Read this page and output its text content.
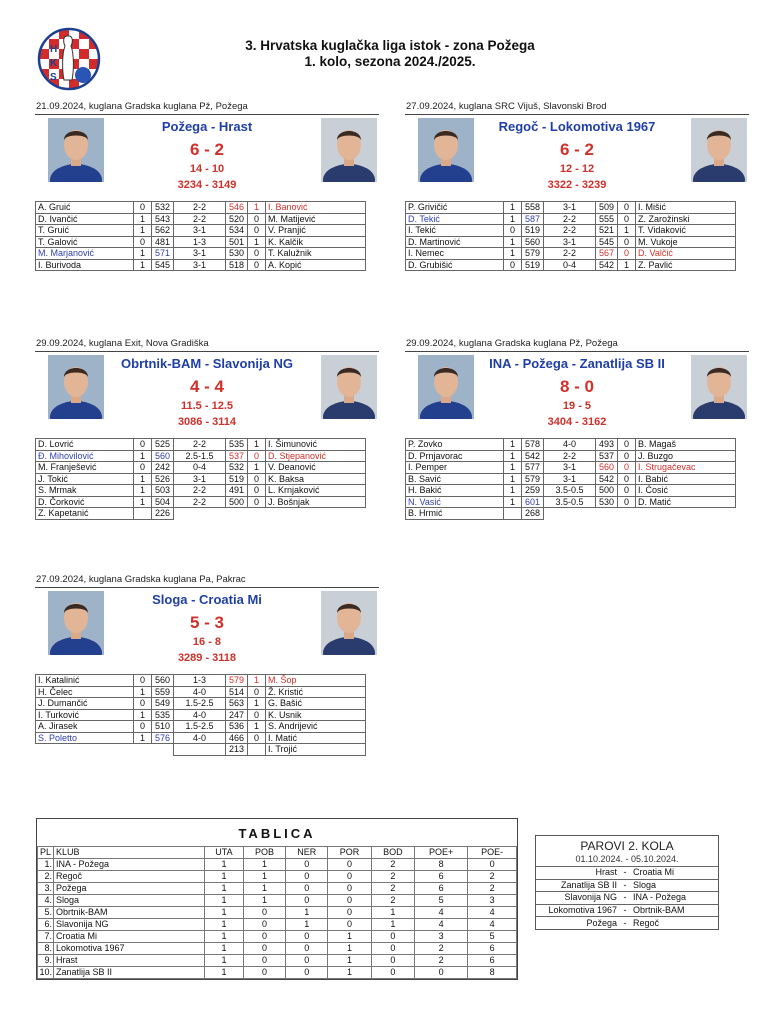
H
K
S
3. Hrvatska kuglačka liga istok - zona Požega
1. kolo, sezona 2024./2025.
21.09.2024, kuglana Gradska kuglana Pž, Požega
Požega - Hrast
6 - 2
14 - 10
3234 - 3149
A. Gruić	0	532	2-2	546	1	I. Banović
D. Ivančić	1	543	2-2	520	0	M. Matijević
T. Gruić	1	562	3-1	534	0	V. Pranjić
T. Galović	0	481	1-3	501	1	K. Kalčik
M. Marjanović	1	571	3-1	530	0	T. Kalužnik
I. Burivoda	1	545	3-1	518	0	A. Kopić
27.09.2024, kuglana SRC Vijuš, Slavonski Brod
Regoč - Lokomotiva 1967
6 - 2
12 - 12
3322 - 3239
P. Grivičić	1	558	3-1	509	0	I. Mišić
D. Tekić	1	587	2-2	555	0	Z. Zarožinski
I. Tekić	0	519	2-2	521	1	T. Vidaković
D. Martinović	1	560	3-1	545	0	M. Vukoje
I. Nemec	1	579	2-2	567	0	D. Valčić
D. Grubišić	0	519	0-4	542	1	Z. Pavlić
29.09.2024, kuglana Exit, Nova Gradiška
Obrtnik-BAM - Slavonija NG
4 - 4
11.5 - 12.5
3086 - 3114
D. Lovrić	0	525	2-2	535	1	I. Šimunović
Đ. Mihovilović	1	560	2.5-1.5	537	0	D. Stjepanović
M. Franješević	0	242	0-4	532	1	V. Deanović
J. Tokić	1	526	3-1	519	0	K. Baksa
S. Mrmak	1	503	2-2	491	0	L. Krnjaković
D. Čorković	1	504	2-2	500	0	J. Bošnjak
Z. Kapetanić		226				
29.09.2024, kuglana Gradska kuglana Pž, Požega
INA - Požega - Zanatlija SB II
8 - 0
19 - 5
3404 - 3162
P. Zovko	1	578	4-0	493	0	B. Magaš
D. Prnjavorac	1	542	2-2	537	0	J. Buzgo
I. Pemper	1	577	3-1	560	0	I. Strugačevac
B. Savić	1	579	3-1	542	0	I. Babić
H. Bakić	1	259	3.5-0.5	500	0	I. Ćosić
N. Vasić	1	601	3.5-0.5	530	0	D. Matić
B. Hrmić		268				
27.09.2024, kuglana Gradska kuglana Pa, Pakrac
Sloga - Croatia Mi
5 - 3
16 - 8
3289 - 3118
I. Katalinić	0	560	1-3	579	1	M. Šop
H. Čelec	1	559	4-0	514	0	Ž. Kristić
J. Dumančić	0	549	1.5-2.5	563	1	G. Bašić
I. Turković	1	535	4-0	247	0	K. Usnik
A. Jirasek	0	510	1.5-2.5	536	1	S. Andrijević
S. Poletto	1	576	4-0	466	0	I. Matić
				213		I. Trojić
TABLICA
PL	KLUB	UTA	POB	NER	POR	BOD	POE+	POE-
1.	INA - Požega	1	1	0	0	2	8	0
2.	Regoč	1	1	0	0	2	6	2
3.	Požega	1	1	0	0	2	6	2
4.	Sloga	1	1	0	0	2	5	3
5.	Obrtnik-BAM	1	0	1	0	1	4	4
6.	Slavonija NG	1	0	1	0	1	4	4
7.	Croatia Mi	1	0	0	1	0	3	5
8.	Lokomotiva 1967	1	0	0	1	0	2	6
9.	Hrast	1	0	0	1	0	2	6
10.	Zanatlija SB II	1	0	0	1	0	0	8
PAROVI 2. KOLA
01.10.2024. - 05.10.2024.
Hrast	-	Croatia Mi
Zanatlija SB II	-	Sloga
Slavonija NG	-	INA - Požega
Lokomotiva 1967	-	Obrtnik-BAM
Požega	-	Regoč
